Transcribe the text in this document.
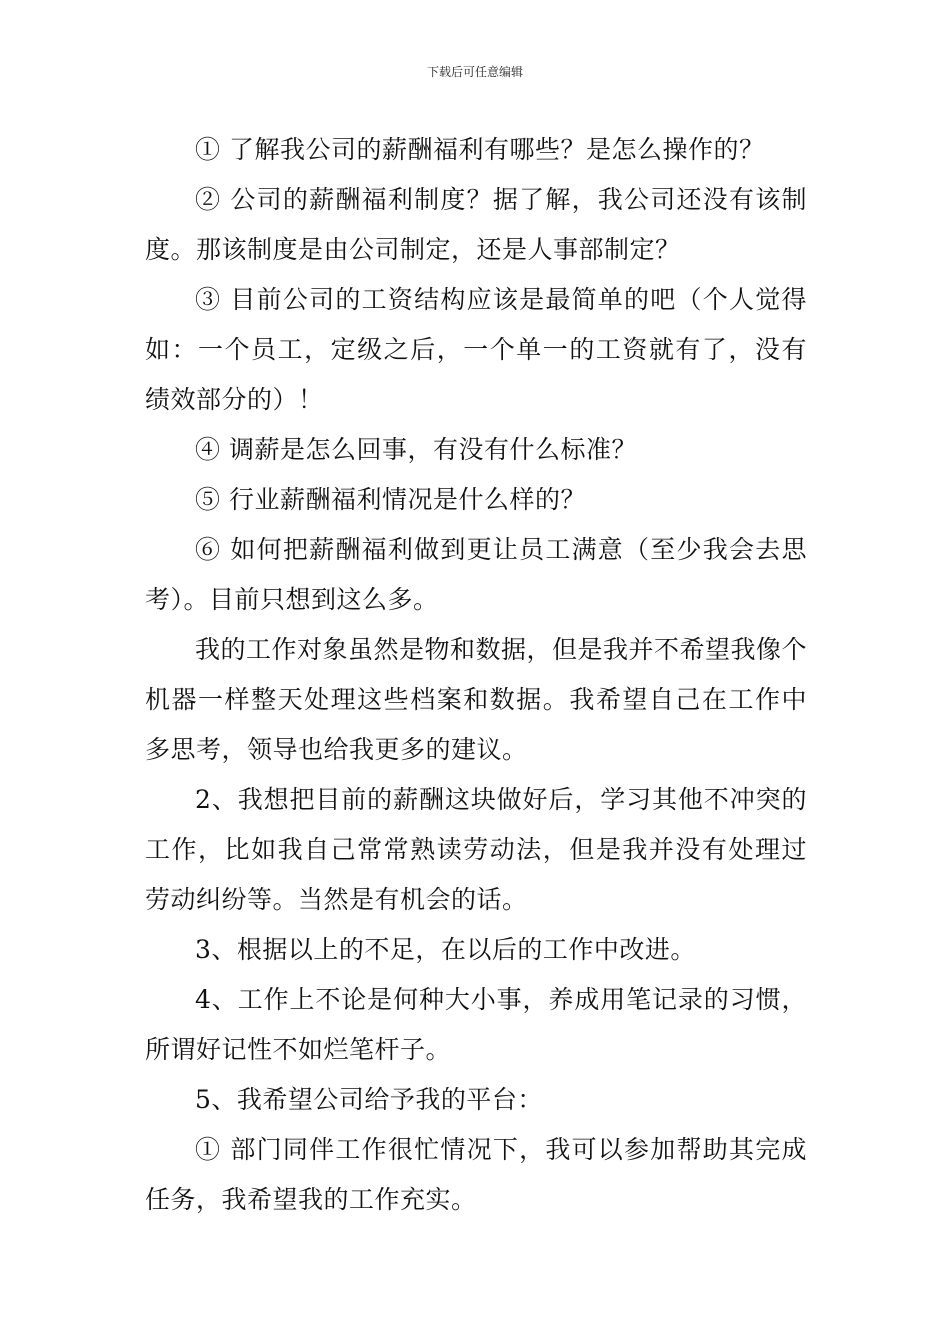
下载后可任意编辑

① 了解我公司的薪酬福利有哪些？是怎么操作的？

② 公司的薪酬福利制度？据了解，我公司还没有该制度。那该制度是由公司制定，还是人事部制定？

③ 目前公司的工资结构应该是最简单的吧（个人觉得如：一个员工，定级之后，一个单一的工资就有了，没有绩效部分的）！

④ 调薪是怎么回事，有没有什么标准？

⑤ 行业薪酬福利情况是什么样的？

⑥ 如何把薪酬福利做到更让员工满意（至少我会去思考）。目前只想到这么多。

我的工作对象虽然是物和数据，但是我并不希望我像个机器一样整天处理这些档案和数据。我希望自己在工作中多思考，领导也给我更多的建议。

2、我想把目前的薪酬这块做好后，学习其他不冲突的工作，比如我自己常常熟读劳动法，但是我并没有处理过劳动纠纷等。当然是有机会的话。

3、根据以上的不足，在以后的工作中改进。

4、工作上不论是何种大小事，养成用笔记录的习惯，所谓好记性不如烂笔杆子。

5、我希望公司给予我的平台：

① 部门同伴工作很忙情况下，我可以参加帮助其完成任务，我希望我的工作充实。
